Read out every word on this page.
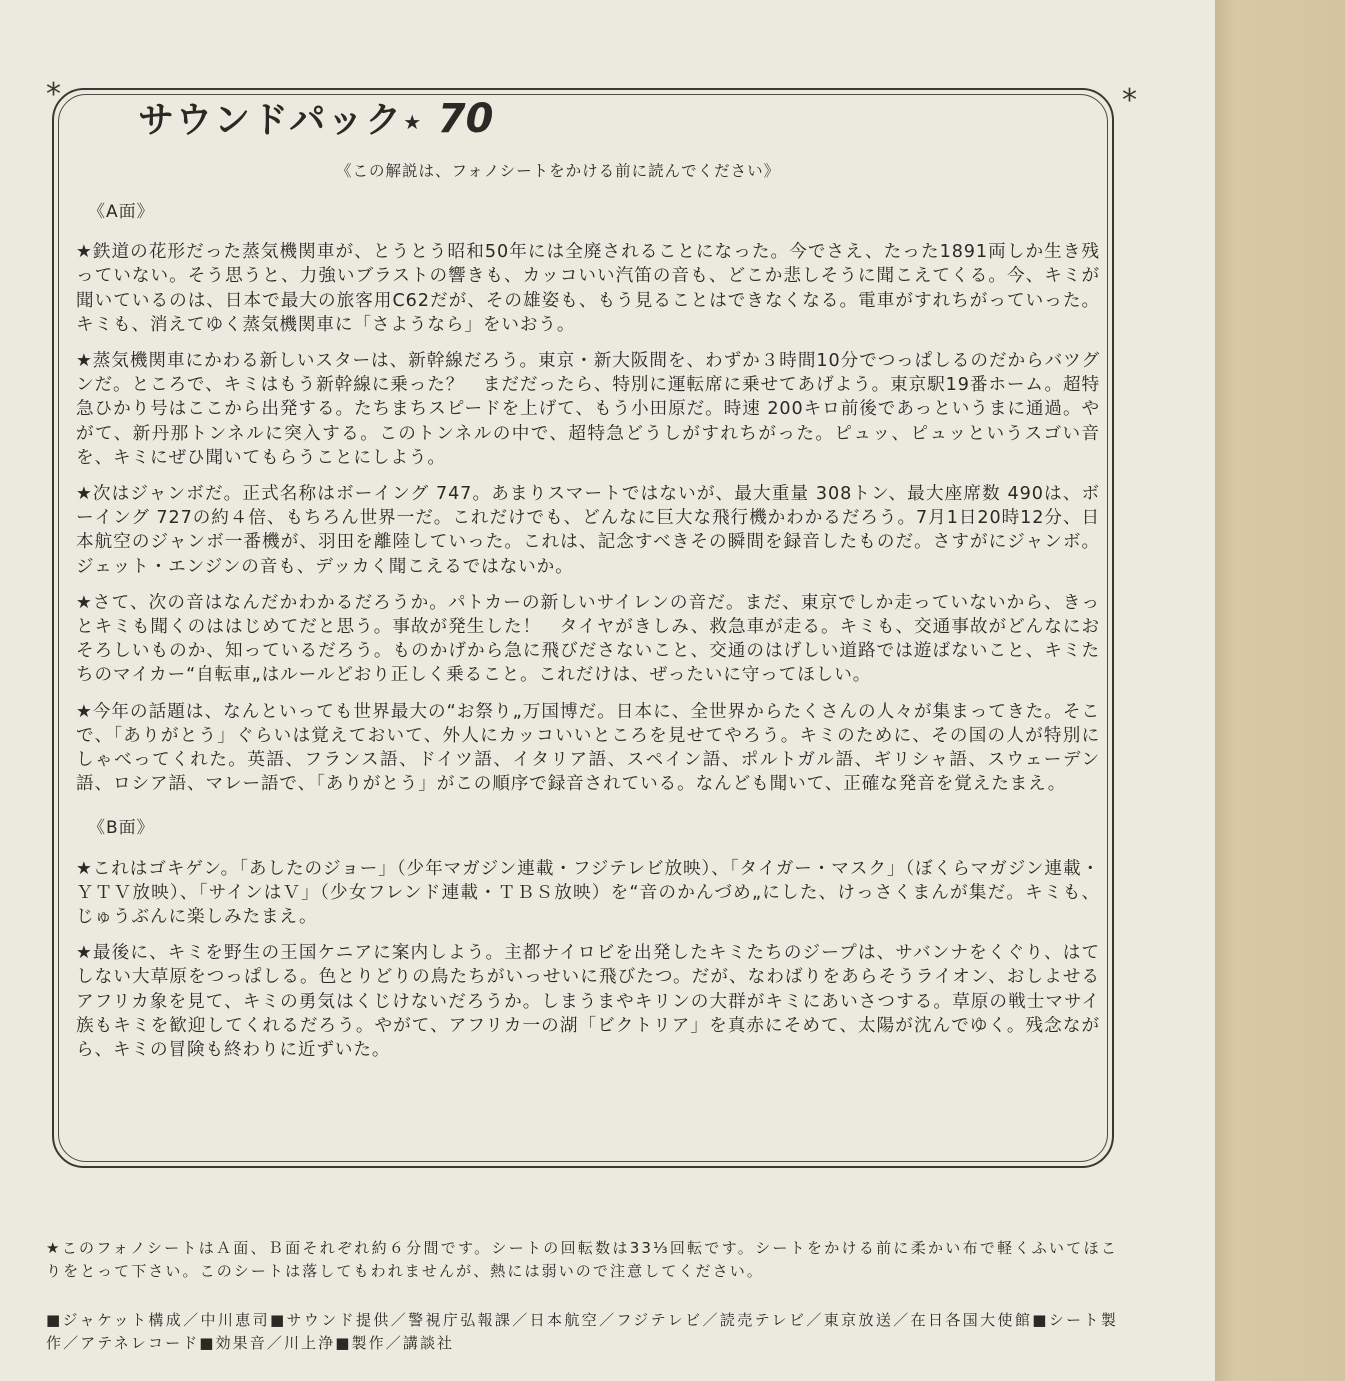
*	*
サウンドパック★ 70
《この解説は、フォノシートをかける前に読んでください》
《A面》

★鉄道の花形だった蒸気機関車が、とうとう昭和50年には全廃されることになった。今でさえ、たった1891両しか生き残っていない。そう思うと、力強いブラストの響きも、カッコいい汽笛の音も、どこか悲しそうに聞こえてくる。今、キミが聞いているのは、日本で最大の旅客用C62だが、その雄姿も、もう見ることはできなくなる。電車がすれちがっていった。キミも、消えてゆく蒸気機関車に「さようなら」をいおう。

★蒸気機関車にかわる新しいスターは、新幹線だろう。東京・新大阪間を、わずか３時間10分でつっぱしるのだからバツグンだ。ところで、キミはもう新幹線に乗った？　まだだったら、特別に運転席に乗せてあげよう。東京駅19番ホーム。超特急ひかり号はここから出発する。たちまちスピードを上げて、もう小田原だ。時速 200キロ前後であっというまに通過。やがて、新丹那トンネルに突入する。このトンネルの中で、超特急どうしがすれちがった。ピュッ、ピュッというスゴい音を、キミにぜひ聞いてもらうことにしよう。

★次はジャンボだ。正式名称はボーイング 747。あまりスマートではないが、最大重量 308トン、最大座席数 490は、ボーイング 727の約４倍、もちろん世界一だ。これだけでも、どんなに巨大な飛行機かわかるだろう。7月1日20時12分、日本航空のジャンボ一番機が、羽田を離陸していった。これは、記念すべきその瞬間を録音したものだ。さすがにジャンボ。ジェット・エンジンの音も、デッカく聞こえるではないか。

★さて、次の音はなんだかわかるだろうか。パトカーの新しいサイレンの音だ。まだ、東京でしか走っていないから、きっとキミも聞くのははじめてだと思う。事故が発生した！　タイヤがきしみ、救急車が走る。キミも、交通事故がどんなにおそろしいものか、知っているだろう。ものかげから急に飛びださないこと、交通のはげしい道路では遊ばないこと、キミたちのマイカー“自転車„はルールどおり正しく乗ること。これだけは、ぜったいに守ってほしい。

★今年の話題は、なんといっても世界最大の“お祭り„万国博だ。日本に、全世界からたくさんの人々が集まってきた。そこで、「ありがとう」ぐらいは覚えておいて、外人にカッコいいところを見せてやろう。キミのために、その国の人が特別にしゃべってくれた。英語、フランス語、ドイツ語、イタリア語、スペイン語、ポルトガル語、ギリシャ語、スウェーデン語、ロシア語、マレー語で、「ありがとう」がこの順序で録音されている。なんども聞いて、正確な発音を覚えたまえ。

《B面》

★これはゴキゲン。「あしたのジョー」（少年マガジン連載・フジテレビ放映）、「タイガー・マスク」（ぼくらマガジン連載・ＹＴＶ放映）、「サインはＶ」（少女フレンド連載・ＴＢＳ放映）を“音のかんづめ„にした、けっさくまんが集だ。キミも、じゅうぶんに楽しみたまえ。

★最後に、キミを野生の王国ケニアに案内しよう。主都ナイロビを出発したキミたちのジープは、サバンナをくぐり、はてしない大草原をつっぱしる。色とりどりの鳥たちがいっせいに飛びたつ。だが、なわばりをあらそうライオン、おしよせるアフリカ象を見て、キミの勇気はくじけないだろうか。しまうまやキリンの大群がキミにあいさつする。草原の戦士マサイ族もキミを歓迎してくれるだろう。やがて、アフリカ一の湖「ビクトリア」を真赤にそめて、太陽が沈んでゆく。残念ながら、キミの冒険も終わりに近ずいた。

★このフォノシートはＡ面、Ｂ面それぞれ約６分間です。シートの回転数は33⅓回転です。シートをかける前に柔かい布で軽くふいてほこりをとって下さい。このシートは落してもわれませんが、熱には弱いので注意してください。

■ジャケット構成／中川恵司■サウンド提供／警視庁弘報課／日本航空／フジテレビ／読売テレビ／東京放送／在日各国大使館■シート製作／アテネレコード■効果音／川上浄■製作／講談社
